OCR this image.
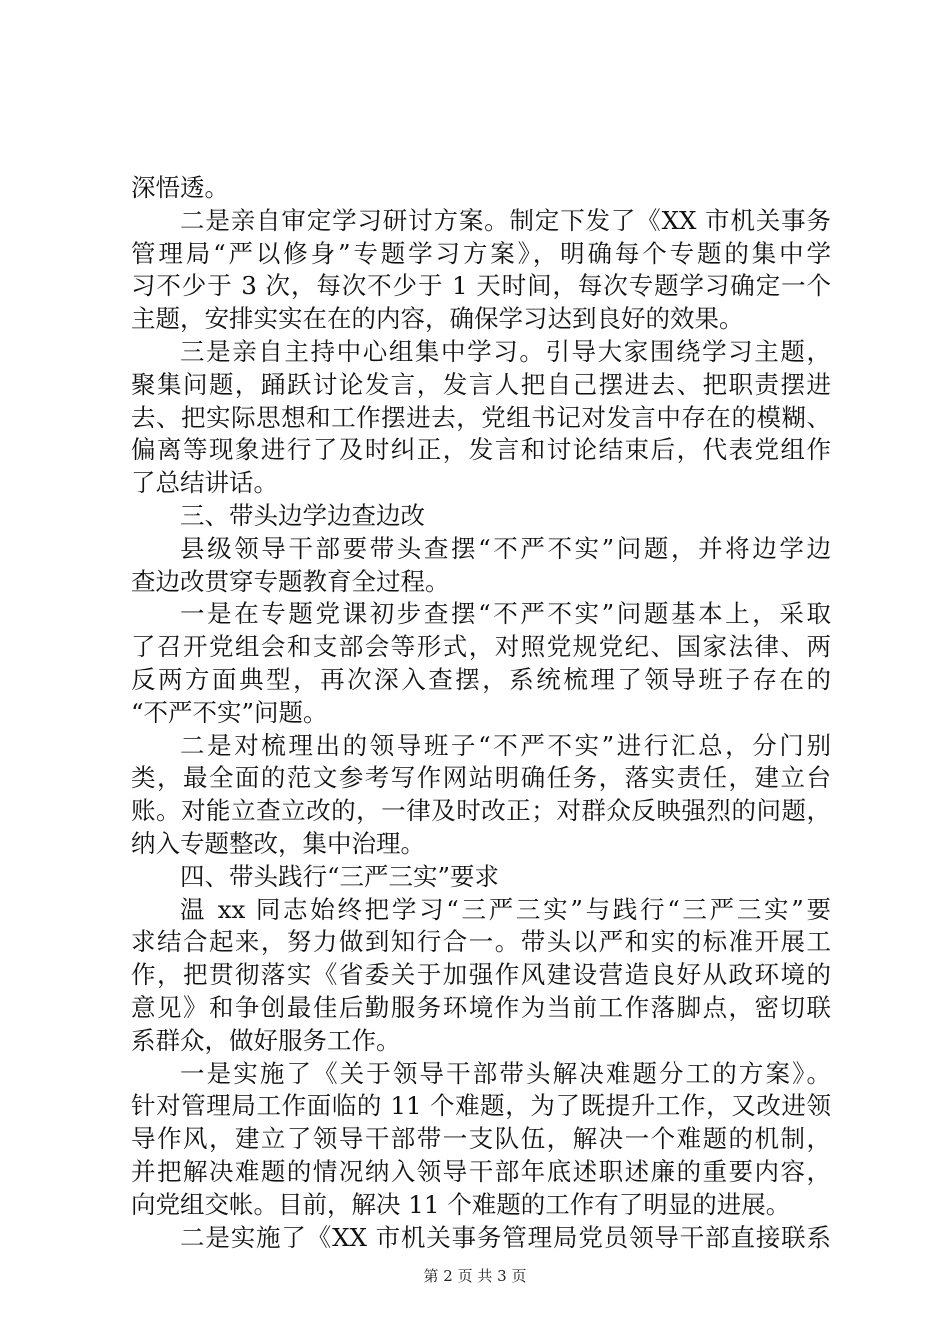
深悟透。
二是亲自审定学习研讨方案。制定下发了《XX 市机关事务
管理局“严以修身”专题学习方案》，明确每个专题的集中学
习不少于 3 次，每次不少于 1 天时间，每次专题学习确定一个
主题，安排实实在在的内容，确保学习达到良好的效果。
三是亲自主持中心组集中学习。引导大家围绕学习主题，
聚集问题，踊跃讨论发言，发言人把自己摆进去、把职责摆进
去、把实际思想和工作摆进去，党组书记对发言中存在的模糊、
偏离等现象进行了及时纠正，发言和讨论结束后，代表党组作
了总结讲话。
三、带头边学边查边改
县级领导干部要带头查摆“不严不实”问题，并将边学边
查边改贯穿专题教育全过程。
一是在专题党课初步查摆“不严不实”问题基本上，采取
了召开党组会和支部会等形式，对照党规党纪、国家法律、两
反两方面典型，再次深入查摆，系统梳理了领导班子存在的
“不严不实”问题。
二是对梳理出的领导班子“不严不实”进行汇总，分门别
类，最全面的范文参考写作网站明确任务，落实责任，建立台
账。对能立查立改的，一律及时改正；对群众反映强烈的问题，
纳入专题整改，集中治理。
四、带头践行“三严三实”要求
温 xx 同志始终把学习“三严三实”与践行“三严三实”要
求结合起来，努力做到知行合一。带头以严和实的标准开展工
作，把贯彻落实《省委关于加强作风建设营造良好从政环境的
意见》和争创最佳后勤服务环境作为当前工作落脚点，密切联
系群众，做好服务工作。
一是实施了《关于领导干部带头解决难题分工的方案》。
针对管理局工作面临的 11 个难题，为了既提升工作，又改进领
导作风，建立了领导干部带一支队伍，解决一个难题的机制，
并把解决难题的情况纳入领导干部年底述职述廉的重要内容，
向党组交帐。目前，解决 11 个难题的工作有了明显的进展。
二是实施了《XX 市机关事务管理局党员领导干部直接联系
第 2 页 共 3 页
